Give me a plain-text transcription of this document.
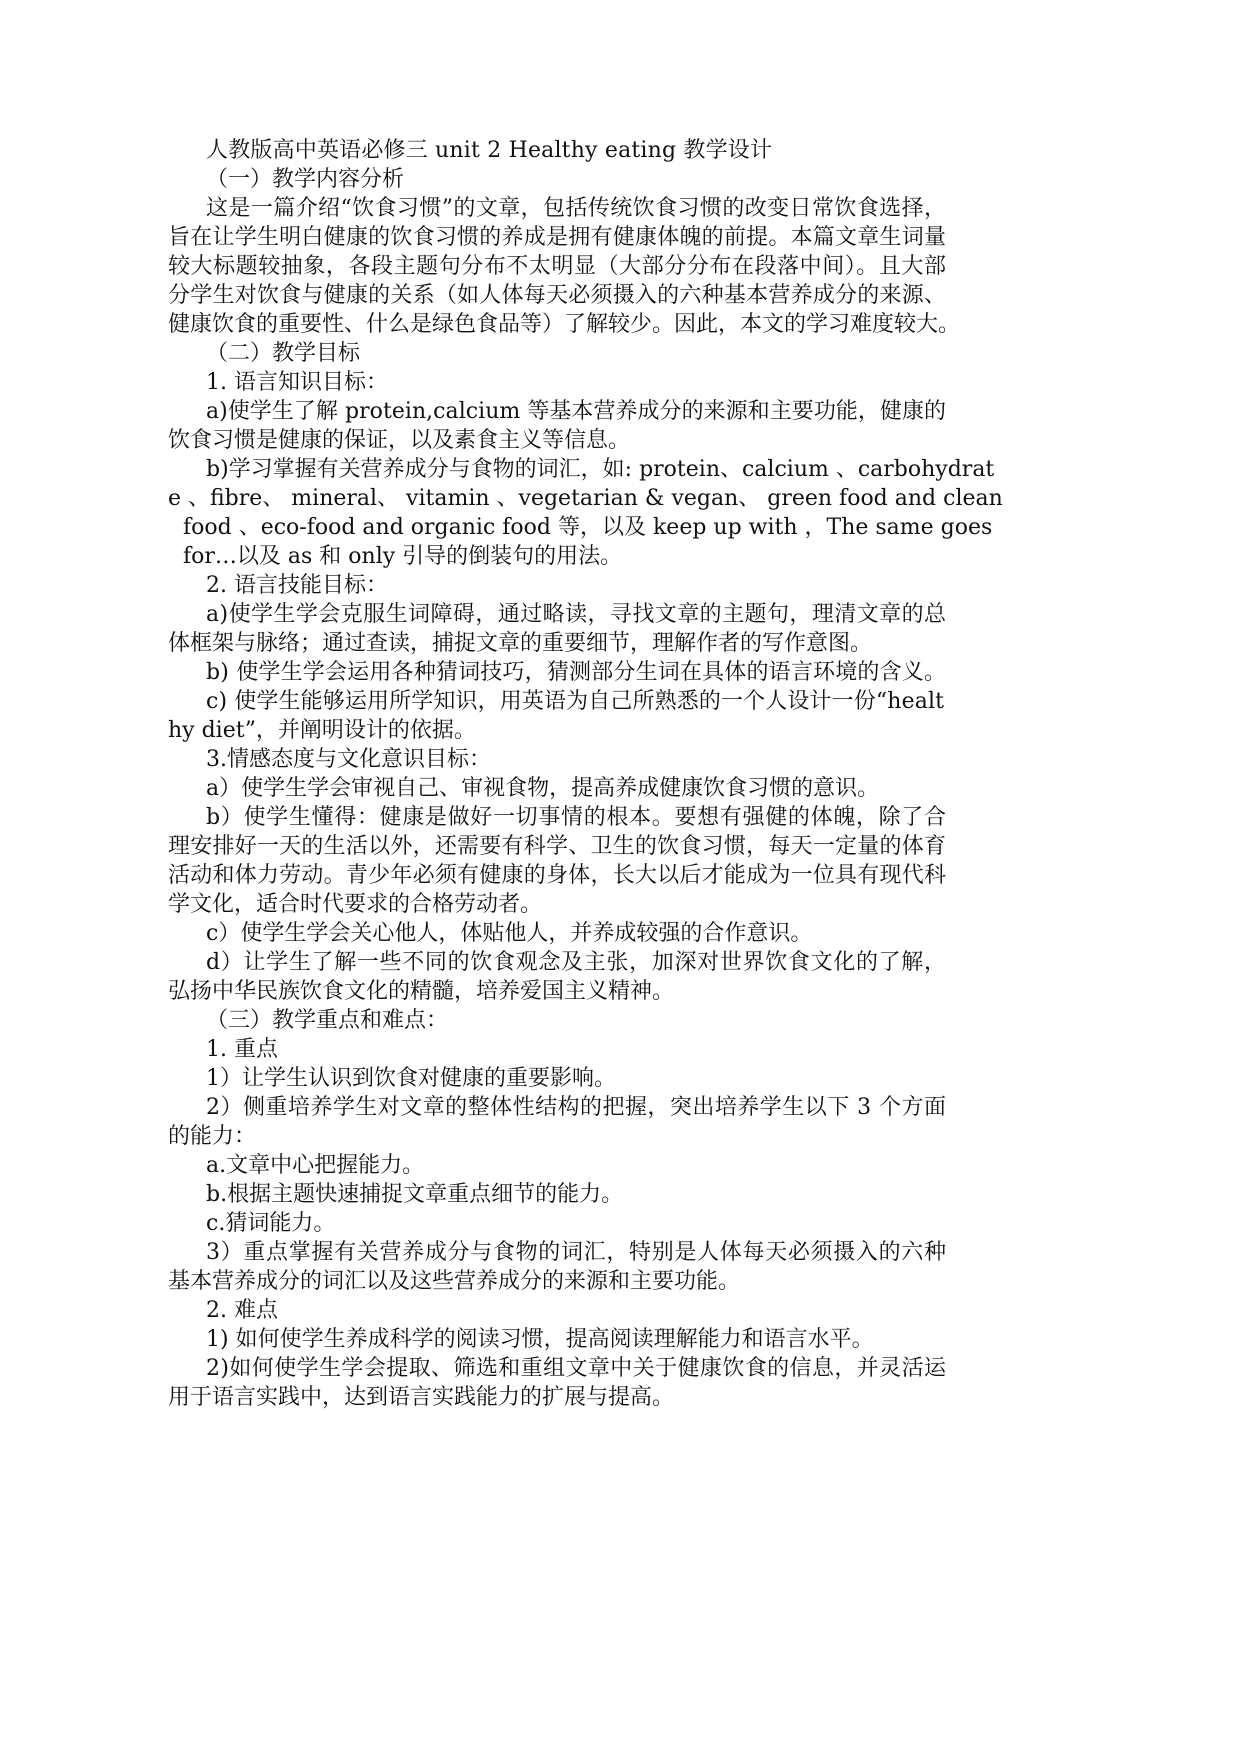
人教版高中英语必修三 unit 2 Healthy eating 教学设计

（一）教学内容分析

这是一篇介绍“饮食习惯”的文章，包括传统饮食习惯的改变日常饮食选择，

旨在让学生明白健康的饮食习惯的养成是拥有健康体魄的前提。本篇文章生词量

较大标题较抽象，各段主题句分布不太明显（大部分分布在段落中间）。且大部

分学生对饮食与健康的关系（如人体每天必须摄入的六种基本营养成分的来源、

健康饮食的重要性、什么是绿色食品等）了解较少。因此，本文的学习难度较大。

（二）教学目标

1. 语言知识目标：

a)使学生了解 protein,calcium 等基本营养成分的来源和主要功能，健康的

饮食习惯是健康的保证，以及素食主义等信息。

b)学习掌握有关营养成分与食物的词汇，如: protein、calcium 、carbohydrat

e 、fibre、 mineral、 vitamin 、vegetarian & vegan、 green food and clean

food 、eco-food and organic food 等，以及 keep up with ，The same goes

for…以及 as 和 only 引导的倒装句的用法。

2. 语言技能目标：

a)使学生学会克服生词障碍，通过略读，寻找文章的主题句，理清文章的总

体框架与脉络；通过查读，捕捉文章的重要细节，理解作者的写作意图。

b) 使学生学会运用各种猜词技巧，猜测部分生词在具体的语言环境的含义。

c) 使学生能够运用所学知识，用英语为自己所熟悉的一个人设计一份“healt

hy diet”，并阐明设计的依据。

3.情感态度与文化意识目标：

a）使学生学会审视自己、审视食物，提高养成健康饮食习惯的意识。

b）使学生懂得：健康是做好一切事情的根本。要想有强健的体魄，除了合

理安排好一天的生活以外，还需要有科学、卫生的饮食习惯，每天一定量的体育

活动和体力劳动。青少年必须有健康的身体，长大以后才能成为一位具有现代科

学文化，适合时代要求的合格劳动者。

c）使学生学会关心他人，体贴他人，并养成较强的合作意识。

d）让学生了解一些不同的饮食观念及主张，加深对世界饮食文化的了解，

弘扬中华民族饮食文化的精髓，培养爱国主义精神。

（三）教学重点和难点：

1. 重点

1）让学生认识到饮食对健康的重要影响。

2）侧重培养学生对文章的整体性结构的把握，突出培养学生以下 3 个方面

的能力：

a.文章中心把握能力。

b.根据主题快速捕捉文章重点细节的能力。

c.猜词能力。

3）重点掌握有关营养成分与食物的词汇，特别是人体每天必须摄入的六种

基本营养成分的词汇以及这些营养成分的来源和主要功能。

2. 难点

1) 如何使学生养成科学的阅读习惯，提高阅读理解能力和语言水平。

2)如何使学生学会提取、筛选和重组文章中关于健康饮食的信息，并灵活运

用于语言实践中，达到语言实践能力的扩展与提高。
